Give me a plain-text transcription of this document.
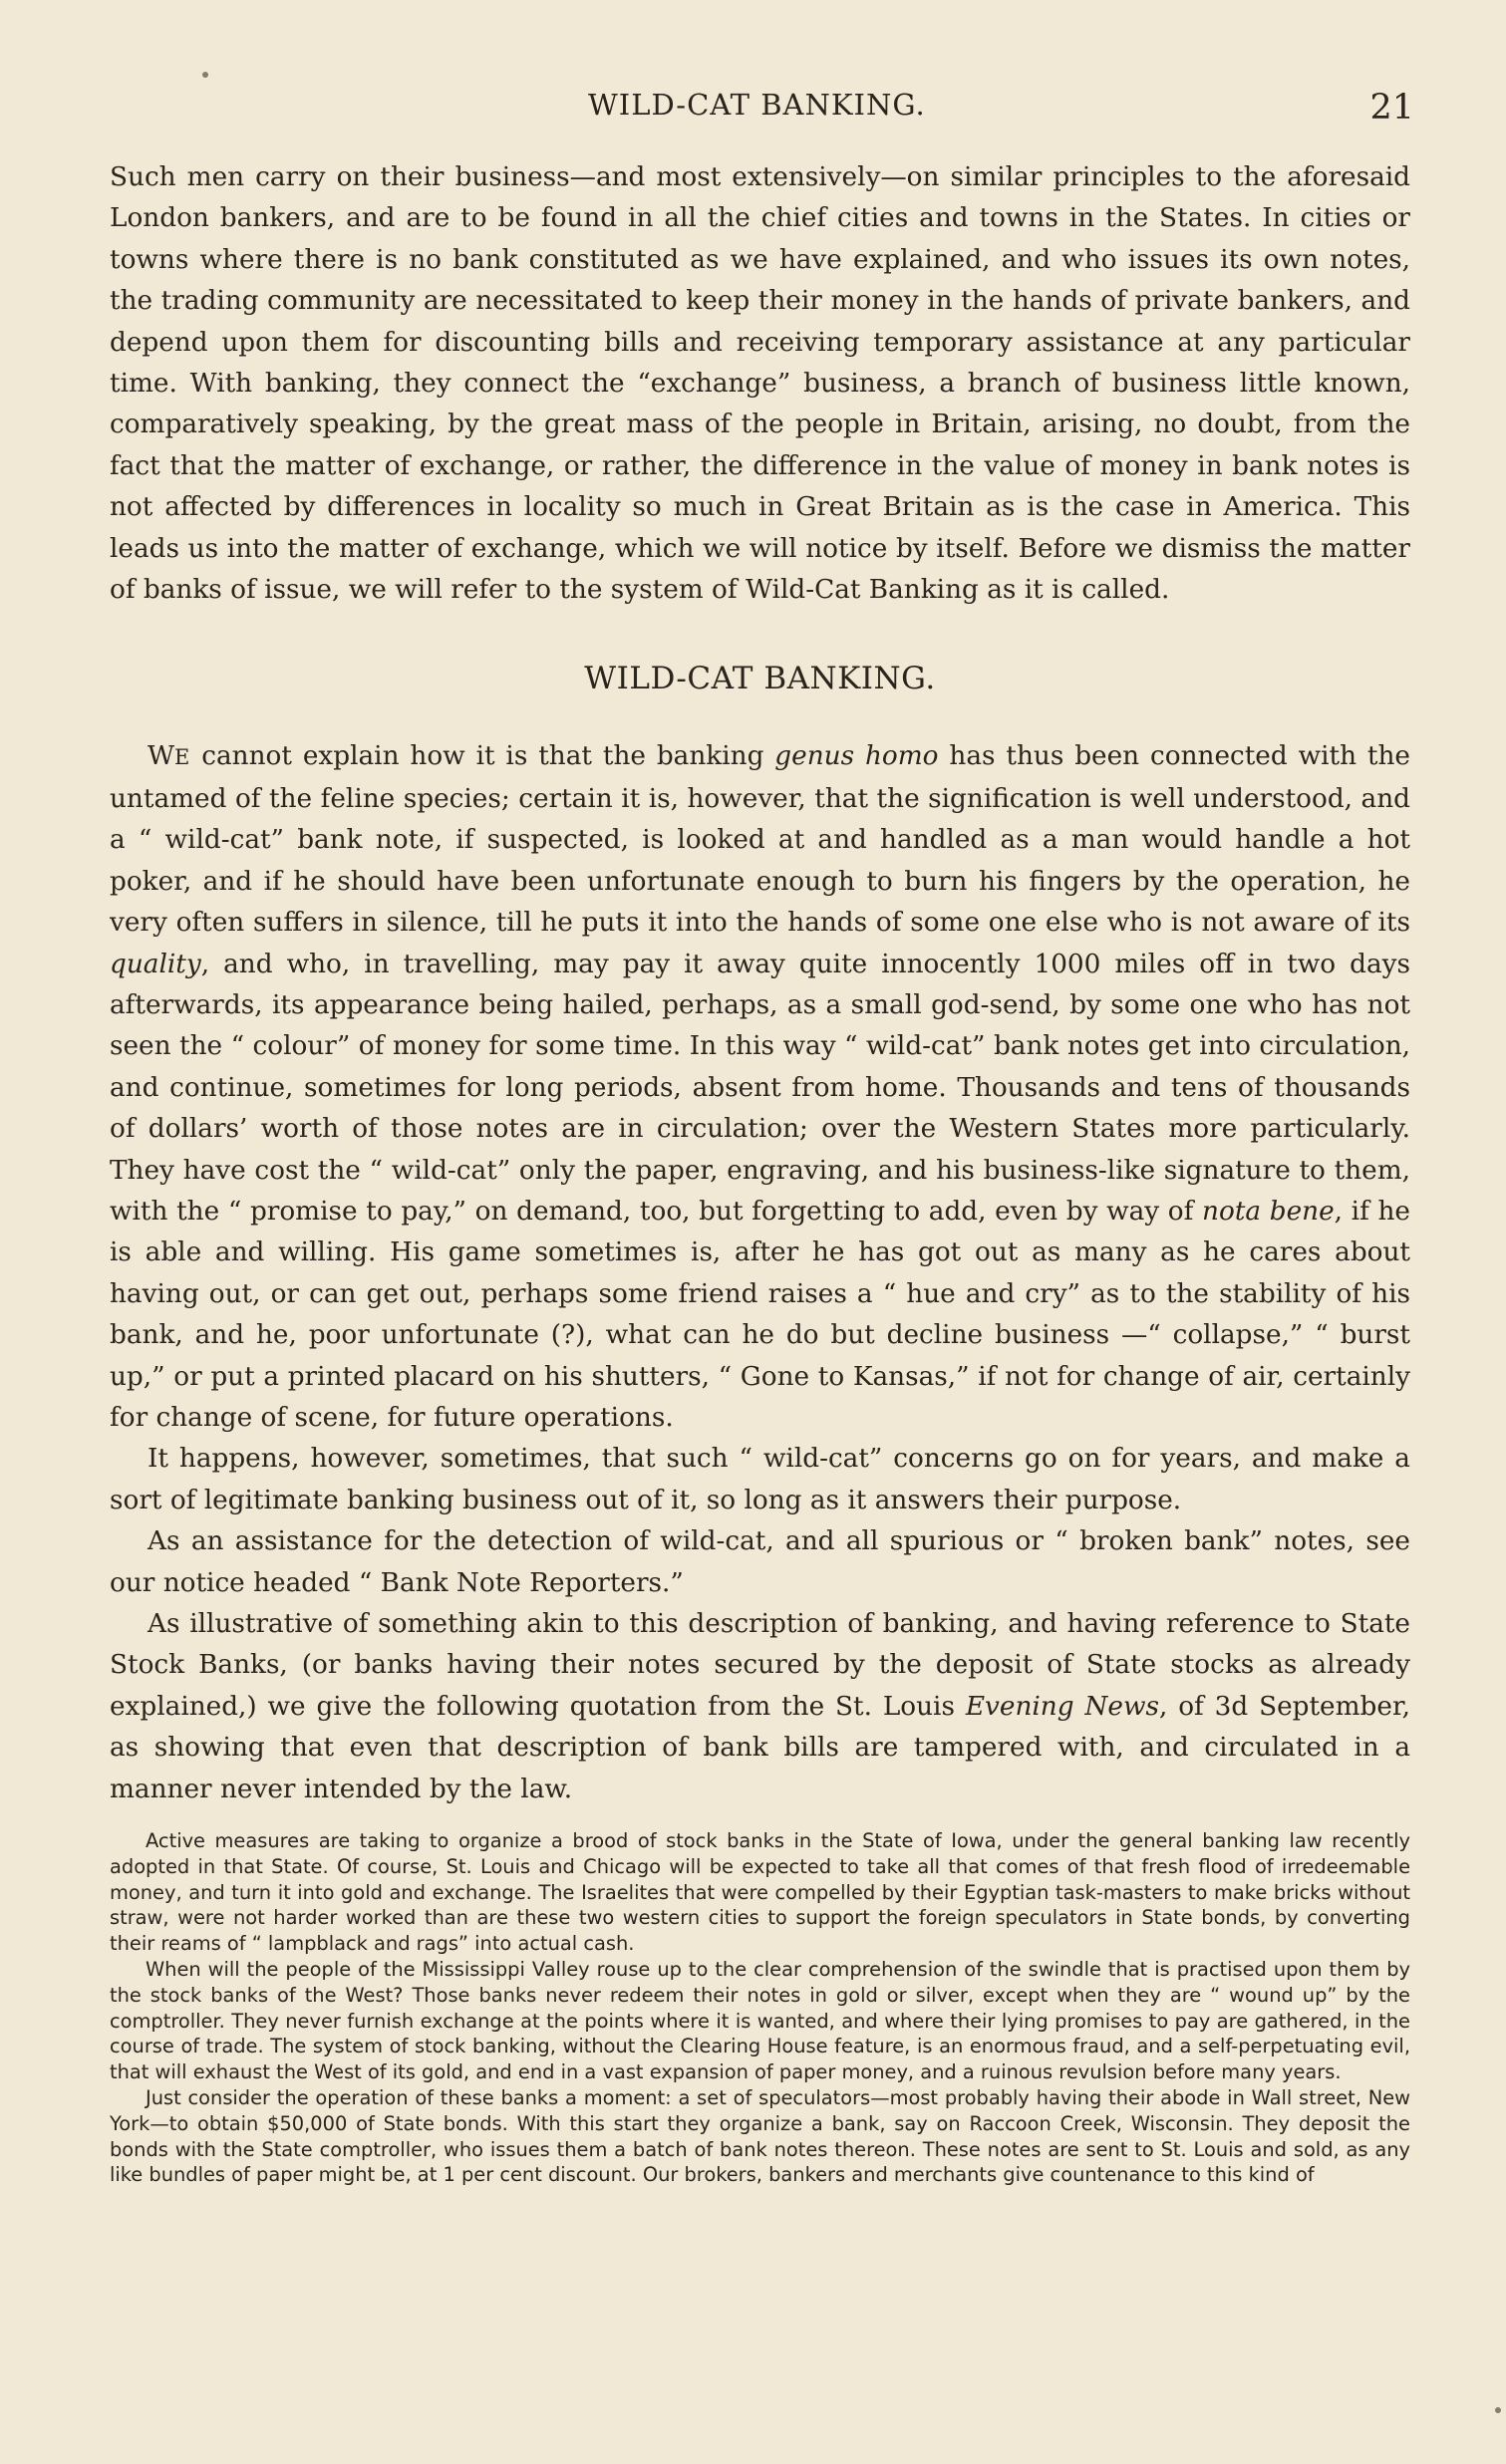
WILD-CAT BANKING.	21

Such men carry on their business—and most extensively—on similar principles to the aforesaid London bankers, and are to be found in all the chief cities and towns in the States. In cities or towns where there is no bank constituted as we have explained, and who issues its own notes, the trading community are necessitated to keep their money in the hands of private bankers, and depend upon them for discounting bills and receiving temporary assistance at any particular time. With banking, they connect the “exchange” business, a branch of business little known, comparatively speaking, by the great mass of the people in Britain, arising, no doubt, from the fact that the matter of exchange, or rather, the difference in the value of money in bank notes is not affected by differences in locality so much in Great Britain as is the case in America. This leads us into the matter of exchange, which we will notice by itself. Before we dismiss the matter of banks of issue, we will refer to the system of Wild-Cat Banking as it is called.

WILD-CAT BANKING.

WE cannot explain how it is that the banking genus homo has thus been connected with the untamed of the feline species; certain it is, however, that the signification is well understood, and a “ wild-cat” bank note, if suspected, is looked at and handled as a man would handle a hot poker, and if he should have been unfortunate enough to burn his fingers by the operation, he very often suffers in silence, till he puts it into the hands of some one else who is not aware of its quality, and who, in travelling, may pay it away quite innocently 1000 miles off in two days afterwards, its appearance being hailed, perhaps, as a small god-send, by some one who has not seen the “ colour” of money for some time. In this way “ wild-cat” bank notes get into circulation, and continue, sometimes for long periods, absent from home. Thousands and tens of thousands of dollars’ worth of those notes are in circulation; over the Western States more particularly. They have cost the “ wild-cat” only the paper, engraving, and his business-like signature to them, with the “ promise to pay,” on demand, too, but forgetting to add, even by way of nota bene, if he is able and willing. His game sometimes is, after he has got out as many as he cares about having out, or can get out, perhaps some friend raises a “ hue and cry” as to the stability of his bank, and he, poor unfortunate (?), what can he do but decline business —“ collapse,” “ burst up,” or put a printed placard on his shutters, “ Gone to Kansas,” if not for change of air, certainly for change of scene, for future operations.

It happens, however, sometimes, that such “ wild-cat” concerns go on for years, and make a sort of legitimate banking business out of it, so long as it answers their purpose.

As an assistance for the detection of wild-cat, and all spurious or “ broken bank” notes, see our notice headed “ Bank Note Reporters.”

As illustrative of something akin to this description of banking, and having reference to State Stock Banks, (or banks having their notes secured by the deposit of State stocks as already explained,) we give the following quotation from the St. Louis Evening News, of 3d September, as showing that even that description of bank bills are tampered with, and circulated in a manner never intended by the law.

Active measures are taking to organize a brood of stock banks in the State of Iowa, under the general banking law recently adopted in that State. Of course, St. Louis and Chicago will be expected to take all that comes of that fresh flood of irredeemable money, and turn it into gold and exchange. The Israelites that were compelled by their Egyptian task-masters to make bricks without straw, were not harder worked than are these two western cities to support the foreign speculators in State bonds, by converting their reams of “ lampblack and rags” into actual cash.

When will the people of the Mississippi Valley rouse up to the clear comprehension of the swindle that is practised upon them by the stock banks of the West? Those banks never redeem their notes in gold or silver, except when they are “ wound up” by the comptroller. They never furnish exchange at the points where it is wanted, and where their lying promises to pay are gathered, in the course of trade. The system of stock banking, without the Clearing House feature, is an enormous fraud, and a self-perpetuating evil, that will exhaust the West of its gold, and end in a vast expansion of paper money, and a ruinous revulsion before many years.

Just consider the operation of these banks a moment: a set of speculators—most probably having their abode in Wall street, New York—to obtain $50,000 of State bonds. With this start they organize a bank, say on Raccoon Creek, Wisconsin. They deposit the bonds with the State comptroller, who issues them a batch of bank notes thereon. These notes are sent to St. Louis and sold, as any like bundles of paper might be, at 1 per cent discount. Our brokers, bankers and merchants give countenance to this kind of
